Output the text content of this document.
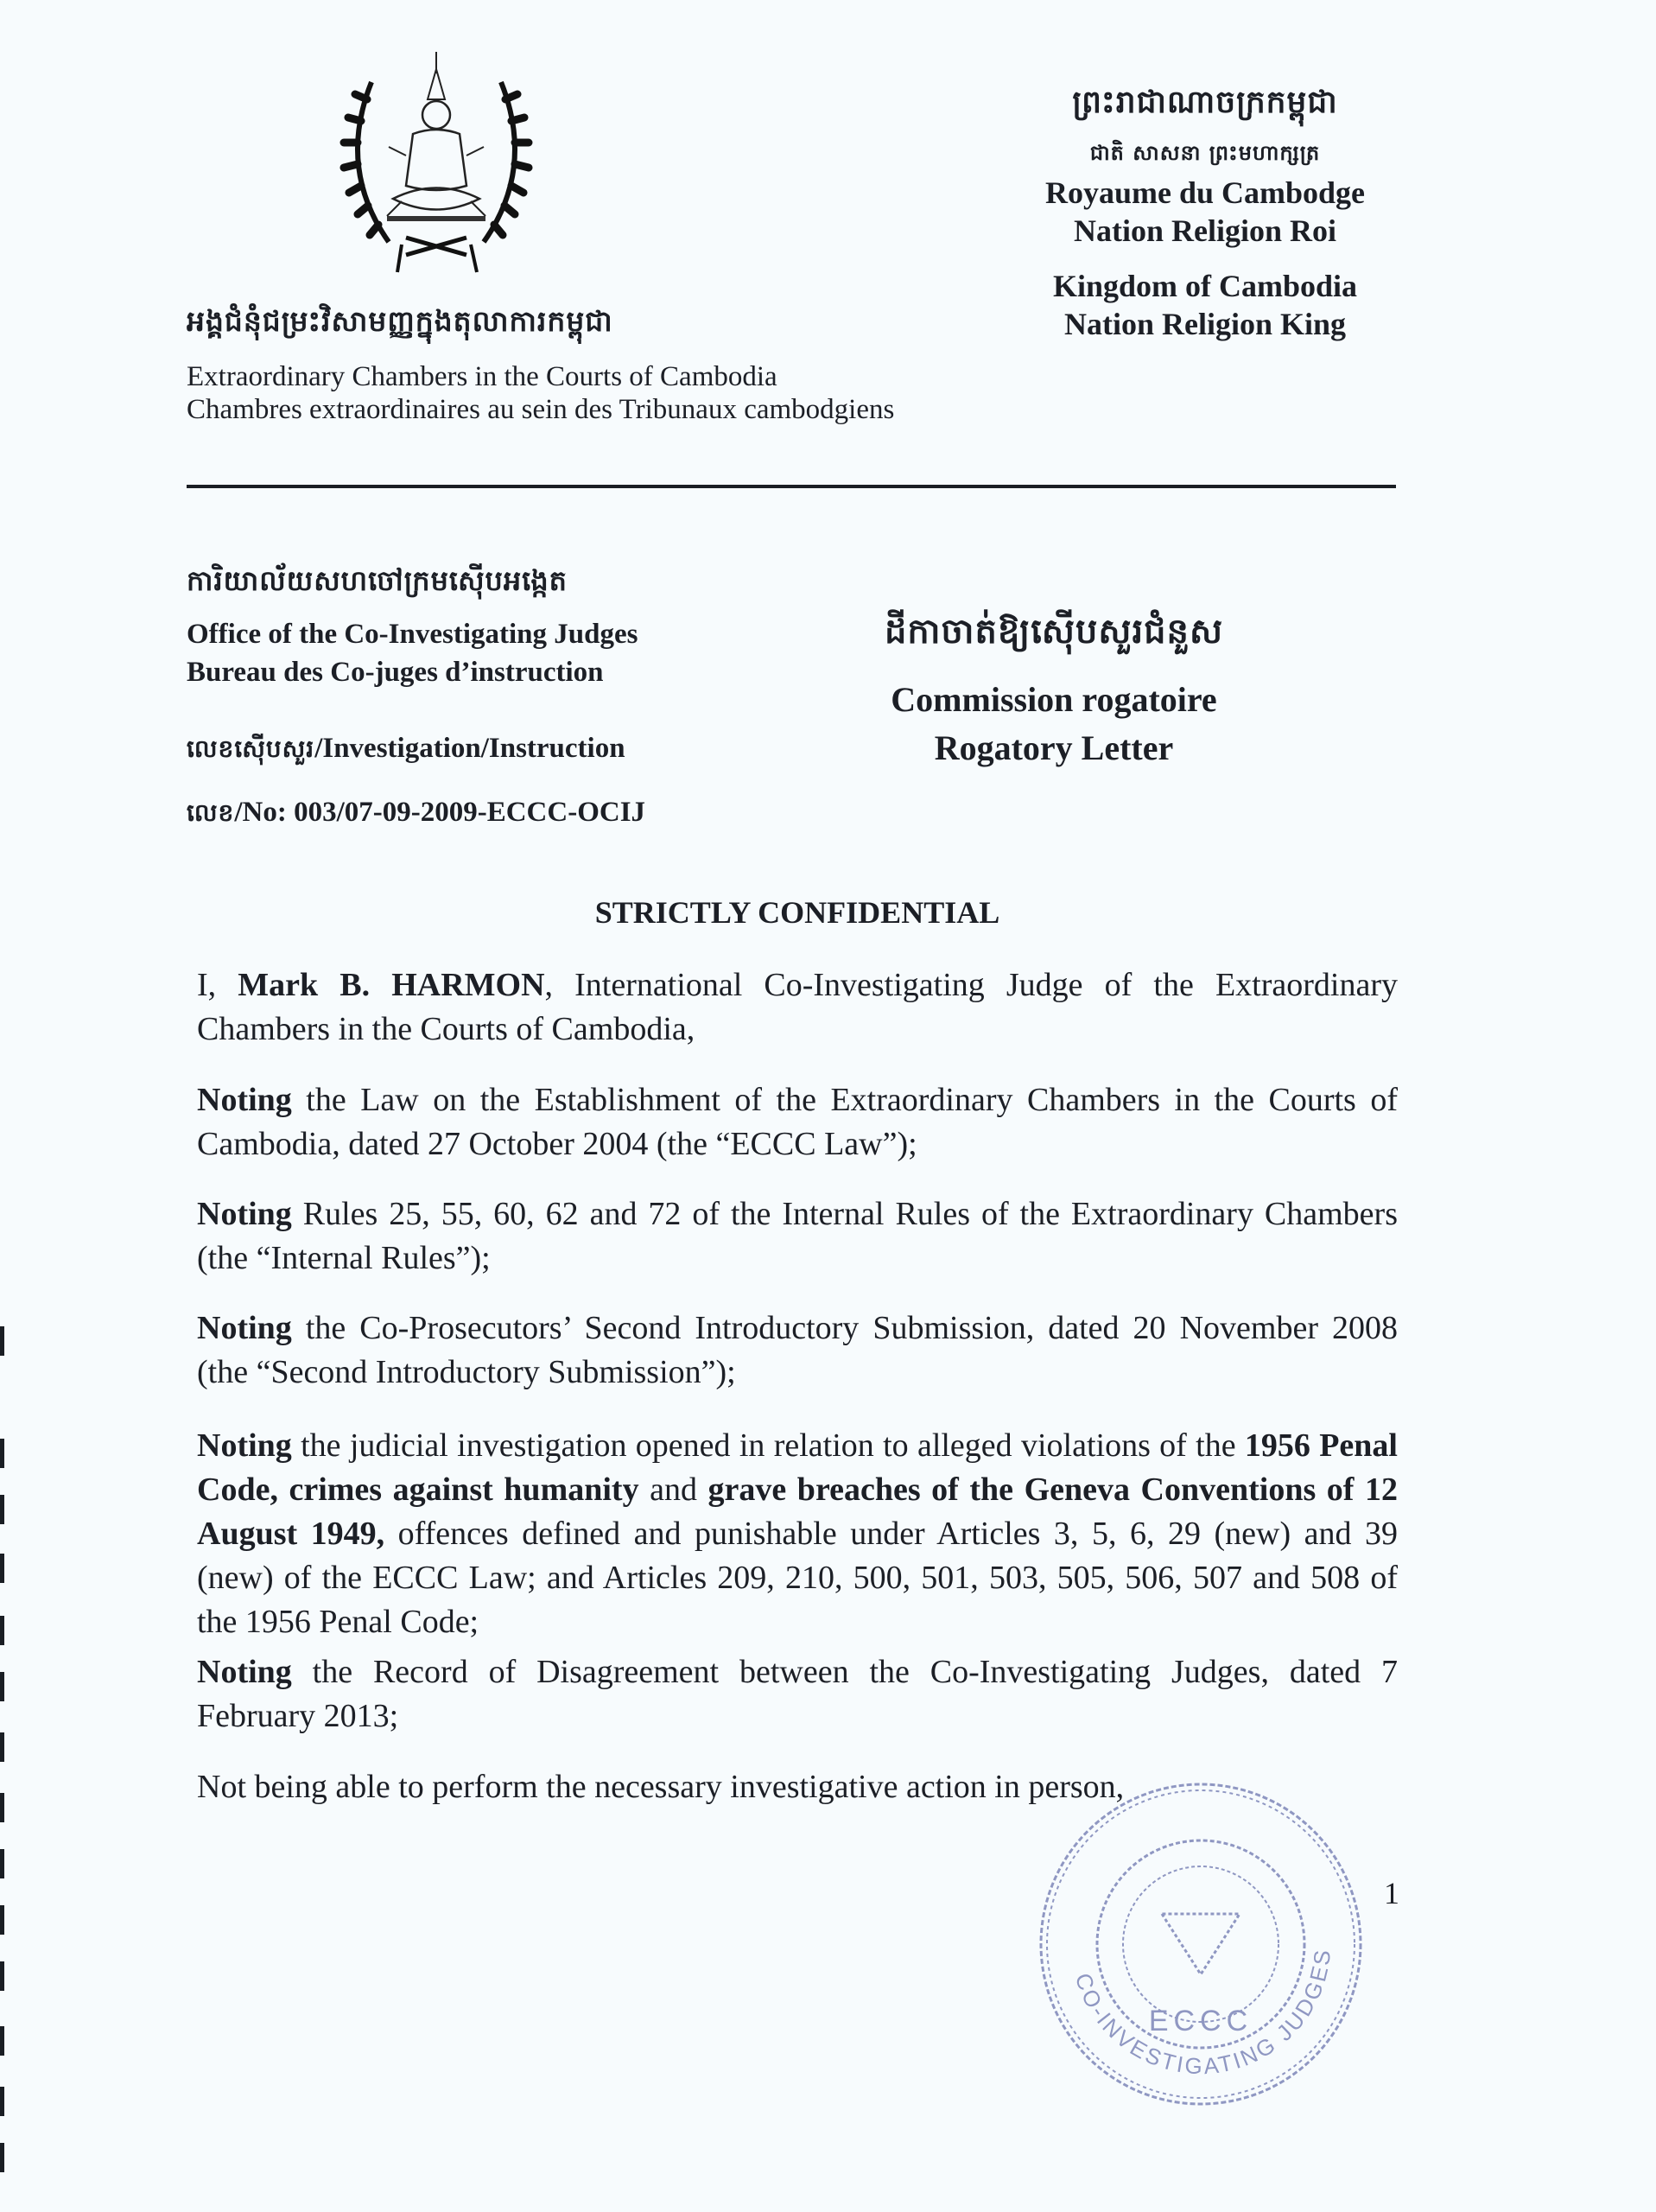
អង្គជំនុំជម្រះវិសាមញ្ញក្នុងតុលាការកម្ពុជា
Extraordinary Chambers in the Courts of Cambodia
Chambres extraordinaires au sein des Tribunaux cambodgiens
ព្រះរាជាណាចក្រកម្ពុជា
ជាតិ សាសនា ព្រះមហាក្សត្រ
Royaume du Cambodge
Nation Religion Roi
Kingdom of Cambodia
Nation Religion King
ការិយាល័យសហចៅក្រមស៊ើបអង្កេត
Office of the Co-Investigating Judges
Bureau des Co-juges d’instruction
លេខស៊ើបសួរ/Investigation/Instruction
លេខ/No: 003/07-09-2009-ECCC-OCIJ
ដីកាចាត់ឱ្យស៊ើបសួរជំនួស
Commission rogatoire
Rogatory Letter
STRICTLY CONFIDENTIAL
I, Mark B. HARMON, International Co-Investigating Judge of the Extraordinary Chambers in the Courts of Cambodia,
Noting the Law on the Establishment of the Extraordinary Chambers in the Courts of Cambodia, dated 27 October 2004 (the “ECCC Law”);
Noting Rules 25, 55, 60, 62 and 72 of the Internal Rules of the Extraordinary Chambers (the “Internal Rules”);
Noting the Co-Prosecutors’ Second Introductory Submission, dated 20 November 2008 (the “Second Introductory Submission”);
Noting the judicial investigation opened in relation to alleged violations of the 1956 Penal Code, crimes against humanity and grave breaches of the Geneva Conventions of 12 August 1949, offences defined and punishable under Articles 3, 5, 6, 29 (new) and 39 (new) of the ECCC Law; and Articles 209, 210, 500, 501, 503, 505, 506, 507 and 508 of the 1956 Penal Code;
Noting the Record of Disagreement between the Co-Investigating Judges, dated 7 February 2013;
Not being able to perform the necessary investigative action in person,
CO-INVESTIGATING JUDGES
ECCC
1
